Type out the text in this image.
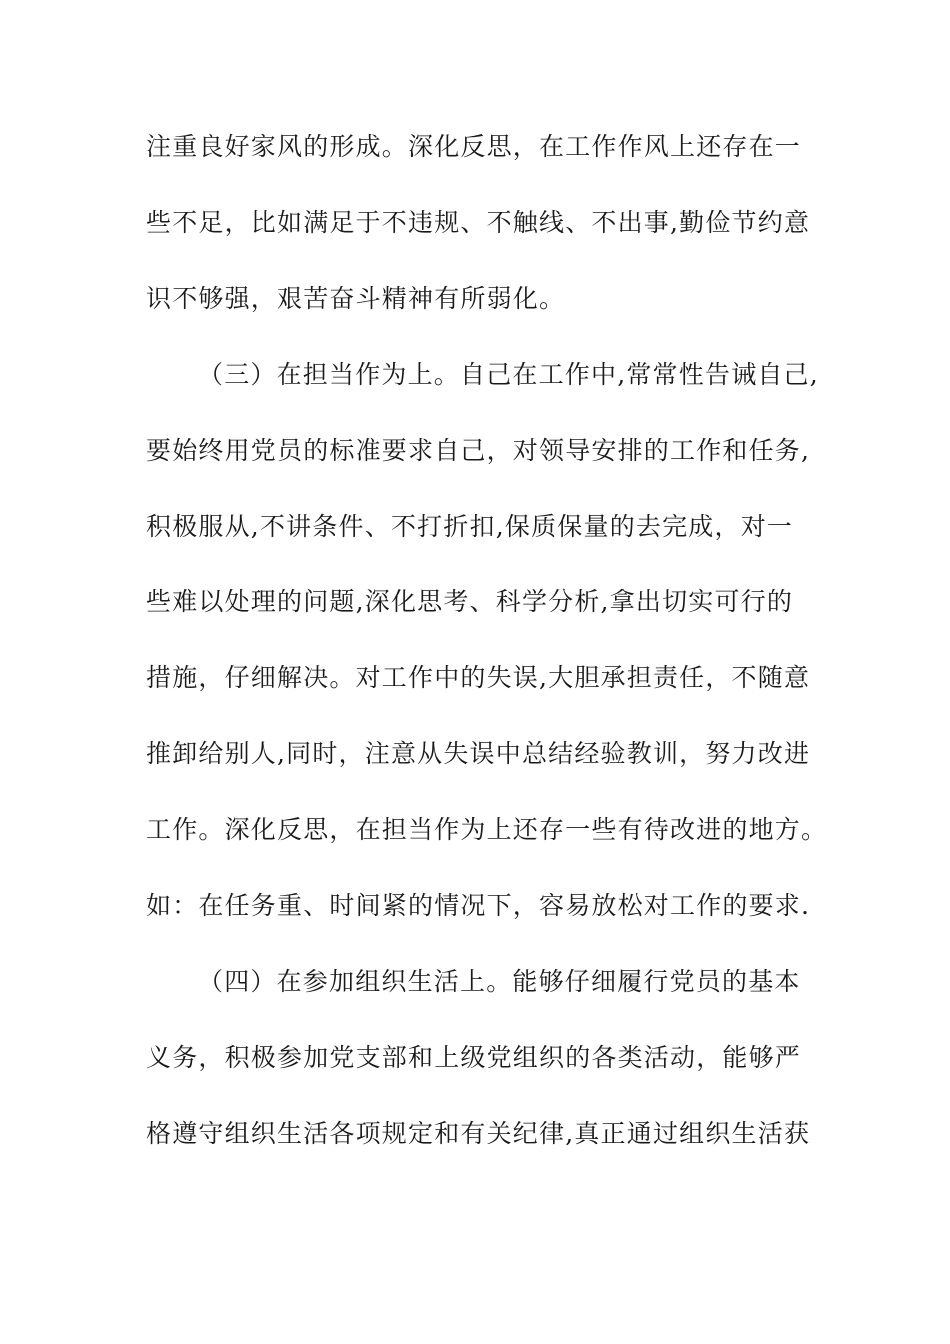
注重良好家风的形成。深化反思，在工作作风上还存在一
些不足，比如满足于不违规、不触线、不出事,勤俭节约意
识不够强，艰苦奋斗精神有所弱化。
（三）在担当作为上。自己在工作中,常常性告诫自己,
要始终用党员的标准要求自己，对领导安排的工作和任务,
积极服从,不讲条件、不打折扣,保质保量的去完成，对一
些难以处理的问题,深化思考、科学分析,拿出切实可行的
措施，仔细解决。对工作中的失误,大胆承担责任，不随意
推卸给别人,同时，注意从失误中总结经验教训，努力改进
工作。深化反思，在担当作为上还存一些有待改进的地方。
如：在任务重、时间紧的情况下，容易放松对工作的要求.
（四）在参加组织生活上。能够仔细履行党员的基本
义务，积极参加党支部和上级党组织的各类活动，能够严
格遵守组织生活各项规定和有关纪律,真正通过组织生活获
